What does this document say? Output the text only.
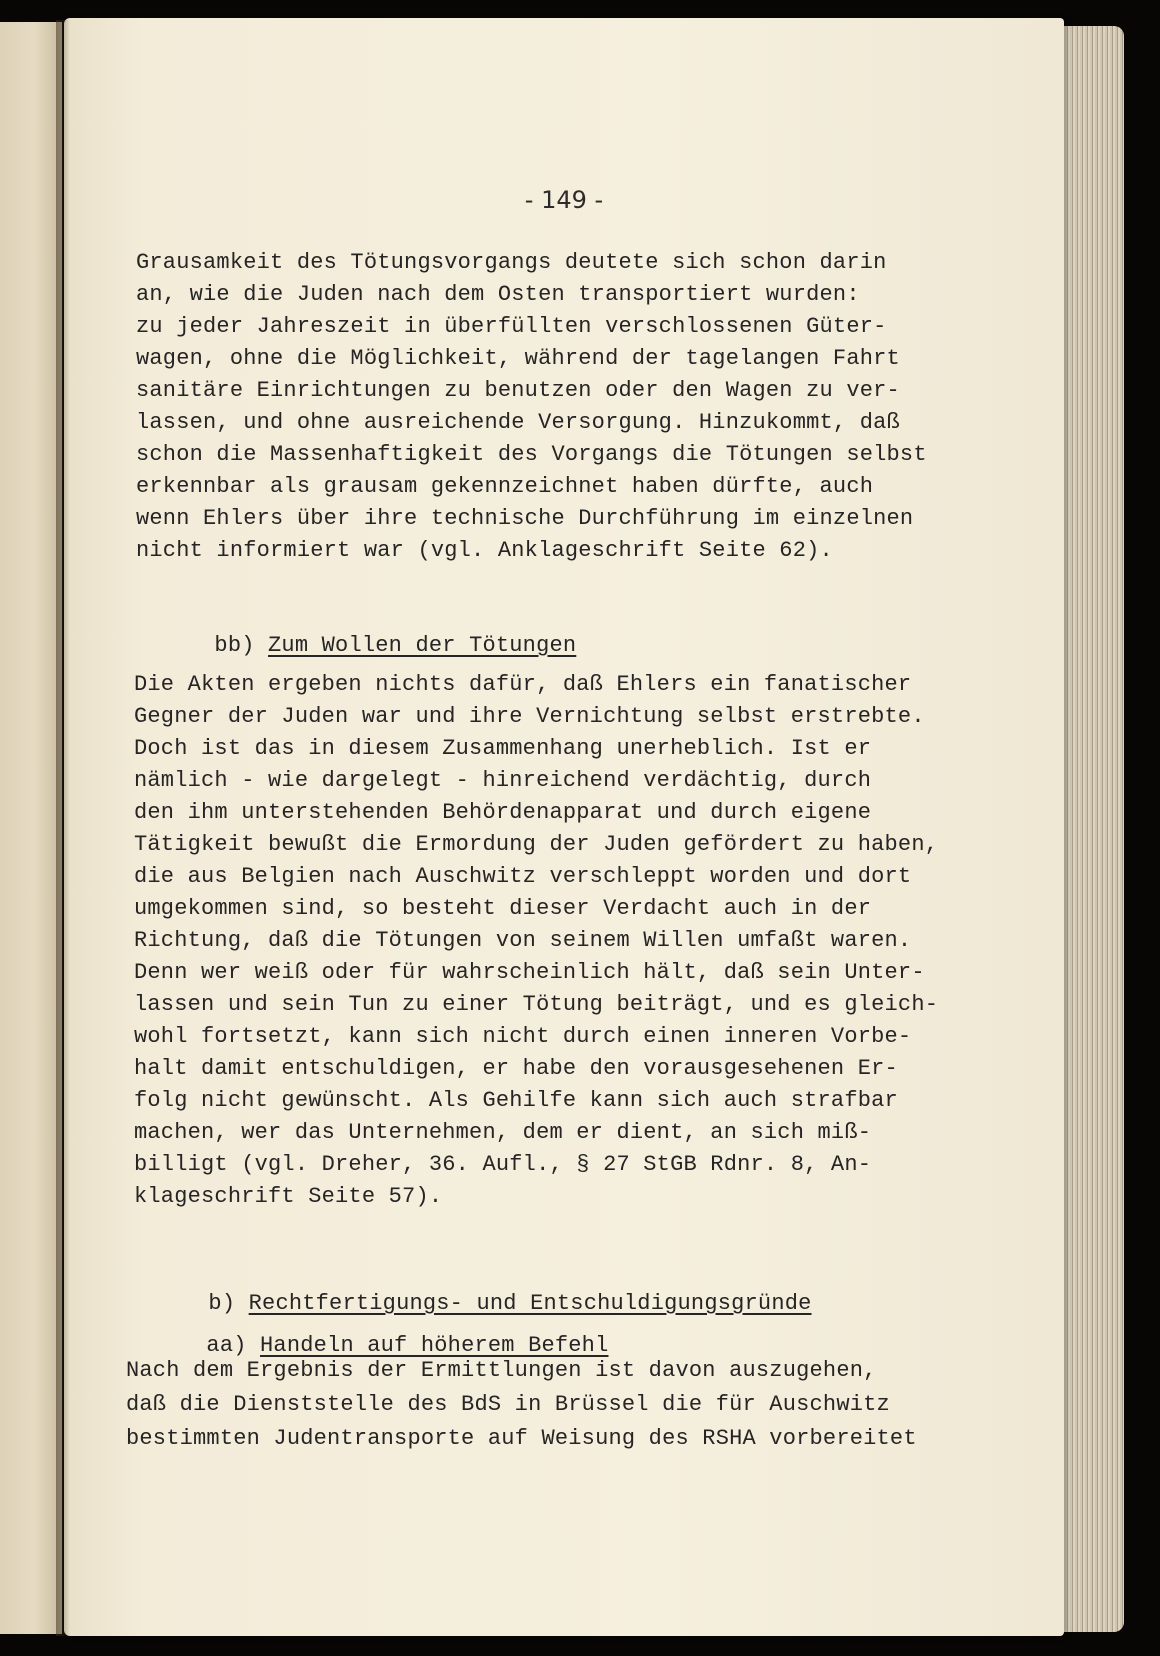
- 149 -

Grausamkeit des Tötungsvorgangs deutete sich schon darin

an, wie die Juden nach dem Osten transportiert wurden:

zu jeder Jahreszeit in überfüllten verschlossenen Güter-

wagen, ohne die Möglichkeit, während der tagelangen Fahrt

sanitäre Einrichtungen zu benutzen oder den Wagen zu ver-

lassen, und ohne ausreichende Versorgung. Hinzukommt, daß

schon die Massenhaftigkeit des Vorgangs die Tötungen selbst

erkennbar als grausam gekennzeichnet haben dürfte, auch

wenn Ehlers über ihre technische Durchführung im einzelnen

nicht informiert war (vgl. Anklageschrift Seite 62).

bb) Zum Wollen der Tötungen

Die Akten ergeben nichts dafür, daß Ehlers ein fanatischer

Gegner der Juden war und ihre Vernichtung selbst erstrebte.

Doch ist das in diesem Zusammenhang unerheblich. Ist er

nämlich - wie dargelegt - hinreichend verdächtig, durch

den ihm unterstehenden Behördenapparat und durch eigene

Tätigkeit bewußt die Ermordung der Juden gefördert zu haben,

die aus Belgien nach Auschwitz verschleppt worden und dort

umgekommen sind, so besteht dieser Verdacht auch in der

Richtung, daß die Tötungen von seinem Willen umfaßt waren.

Denn wer weiß oder für wahrscheinlich hält, daß sein Unter-

lassen und sein Tun zu einer Tötung beiträgt, und es gleich-

wohl fortsetzt, kann sich nicht durch einen inneren Vorbe-

halt damit entschuldigen, er habe den vorausgesehenen Er-

folg nicht gewünscht. Als Gehilfe kann sich auch strafbar

machen, wer das Unternehmen, dem er dient, an sich miß-

billigt (vgl. Dreher, 36. Aufl., § 27 StGB Rdnr. 8, An-

klageschrift Seite 57).

b) Rechtfertigungs- und Entschuldigungsgründe

aa) Handeln auf höherem Befehl

Nach dem Ergebnis der Ermittlungen ist davon auszugehen,

daß die Dienststelle des BdS in Brüssel die für Auschwitz

bestimmten Judentransporte auf Weisung des RSHA vorbereitet
